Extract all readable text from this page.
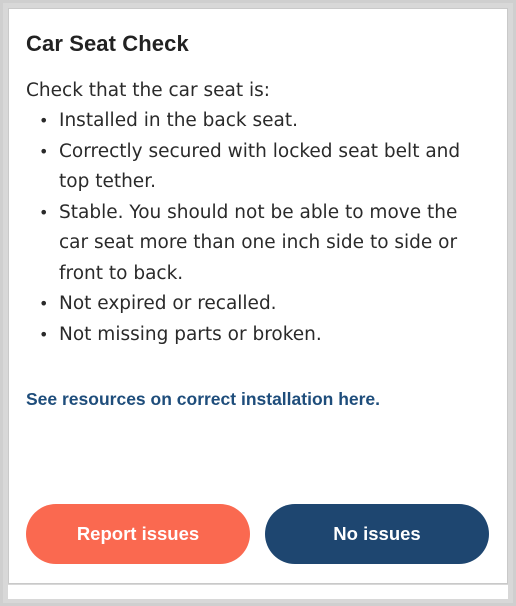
Car Seat Check
Check that the car seat is:
• Installed in the back seat.
• Correctly secured with locked seat belt and top tether.
• Stable. You should not be able to move the car seat more than one inch side to side or front to back.
• Not expired or recalled.
• Not missing parts or broken.
See resources on correct installation here.
Report issues	No issues
